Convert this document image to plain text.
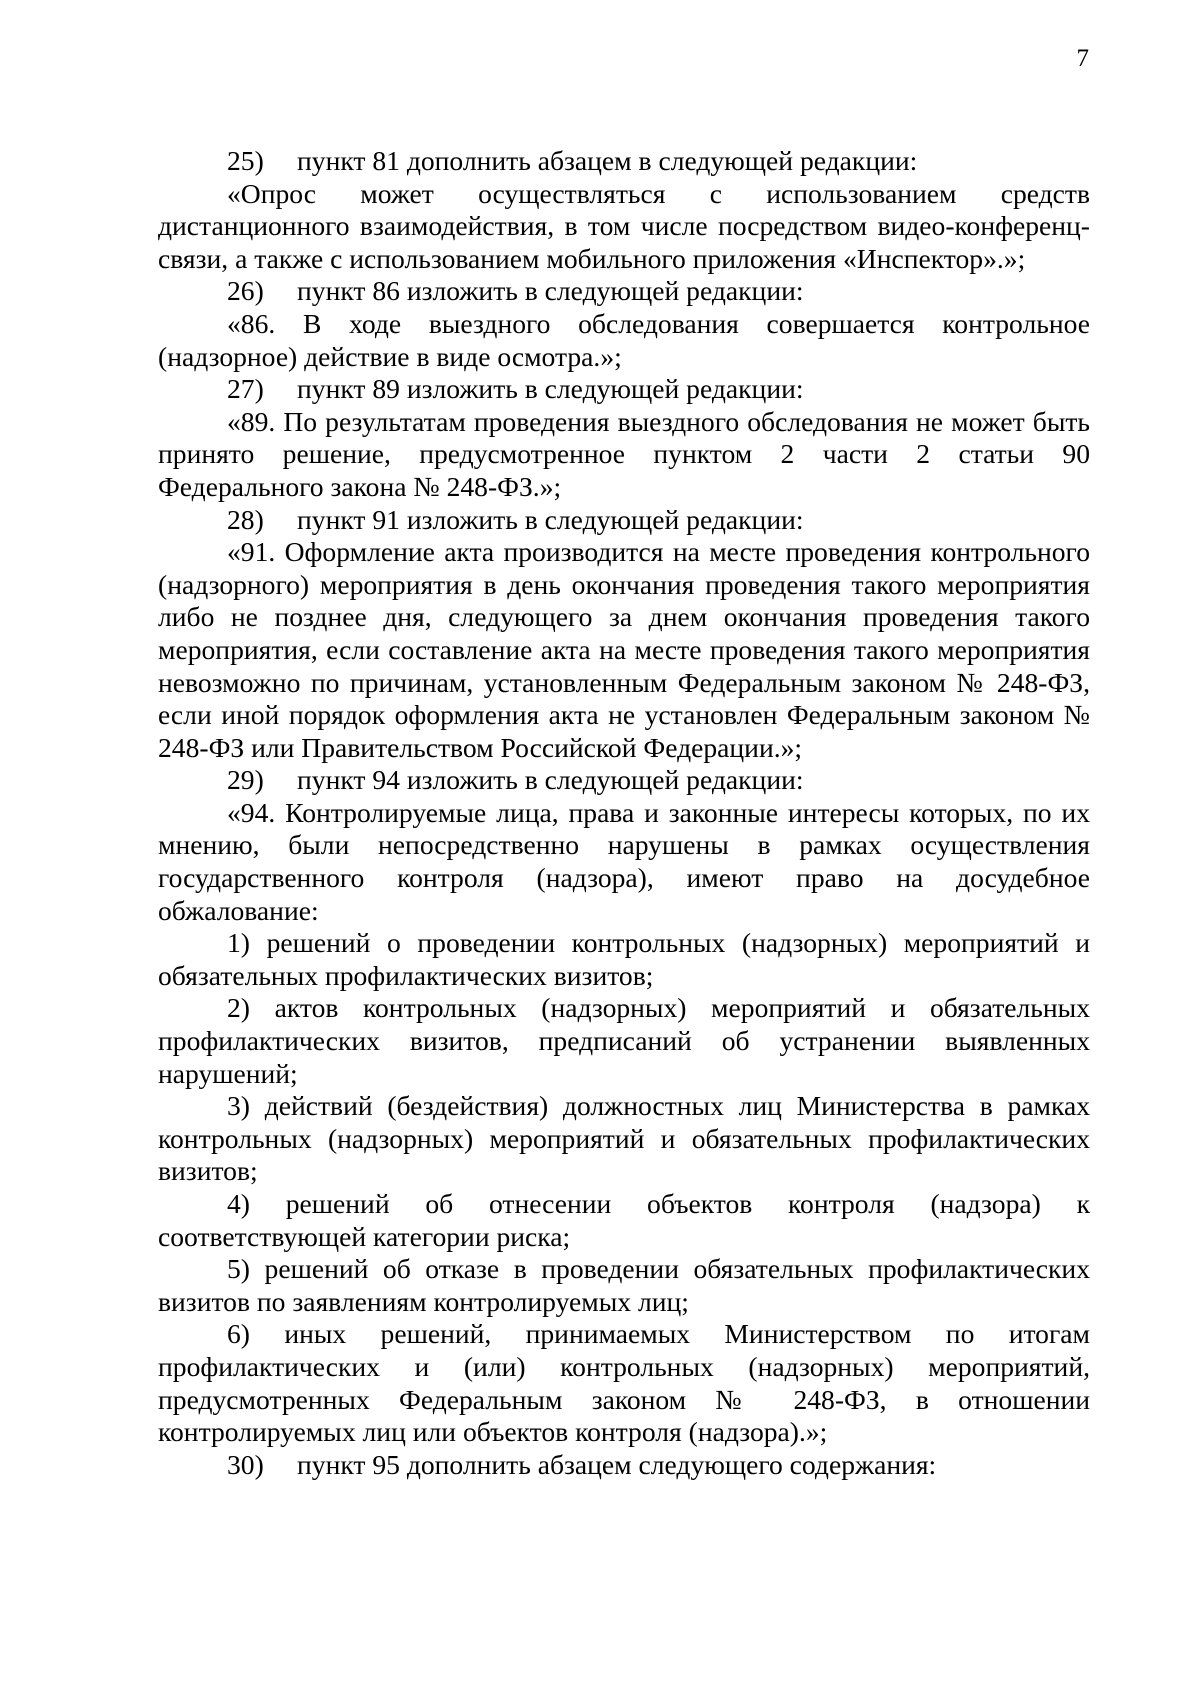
7
25) пункт 81 дополнить абзацем в следующей редакции:

«Опрос может осуществляться с использованием средств дистанционного взаимодействия, в том числе посредством видео-конференц-связи, а также с использованием мобильного приложения «Инспектор».»;

26) пункт 86 изложить в следующей редакции:

«86. В ходе выездного обследования совершается контрольное (надзорное) действие в виде осмотра.»;

27) пункт 89 изложить в следующей редакции:

«89. По результатам проведения выездного обследования не может быть принято решение, предусмотренное пунктом 2 части 2 статьи 90 Федерального закона № 248-ФЗ.»;

28) пункт 91 изложить в следующей редакции:

«91. Оформление акта производится на месте проведения контрольного (надзорного) мероприятия в день окончания проведения такого мероприятия либо не позднее дня, следующего за днем окончания проведения такого мероприятия, если составление акта на месте проведения такого мероприятия невозможно по причинам, установленным Федеральным законом № 248-ФЗ, если иной порядок оформления акта не установлен Федеральным законом № 248-ФЗ или Правительством Российской Федерации.»;

29) пункт 94 изложить в следующей редакции:

«94. Контролируемые лица, права и законные интересы которых, по их мнению, были непосредственно нарушены в рамках осуществления государственного контроля (надзора), имеют право на досудебное обжалование:

1) решений о проведении контрольных (надзорных) мероприятий и обязательных профилактических визитов;

2) актов контрольных (надзорных) мероприятий и обязательных профилактических визитов, предписаний об устранении выявленных нарушений;

3) действий (бездействия) должностных лиц Министерства в рамках контрольных (надзорных) мероприятий и обязательных профилактических визитов;

4) решений об отнесении объектов контроля (надзора) к соответствующей категории риска;

5) решений об отказе в проведении обязательных профилактических визитов по заявлениям контролируемых лиц;

6) иных решений, принимаемых Министерством по итогам профилактических и (или) контрольных (надзорных) мероприятий, предусмотренных Федеральным законом № 248-ФЗ, в отношении контролируемых лиц или объектов контроля (надзора).»;

30) пункт 95 дополнить абзацем следующего содержания:
